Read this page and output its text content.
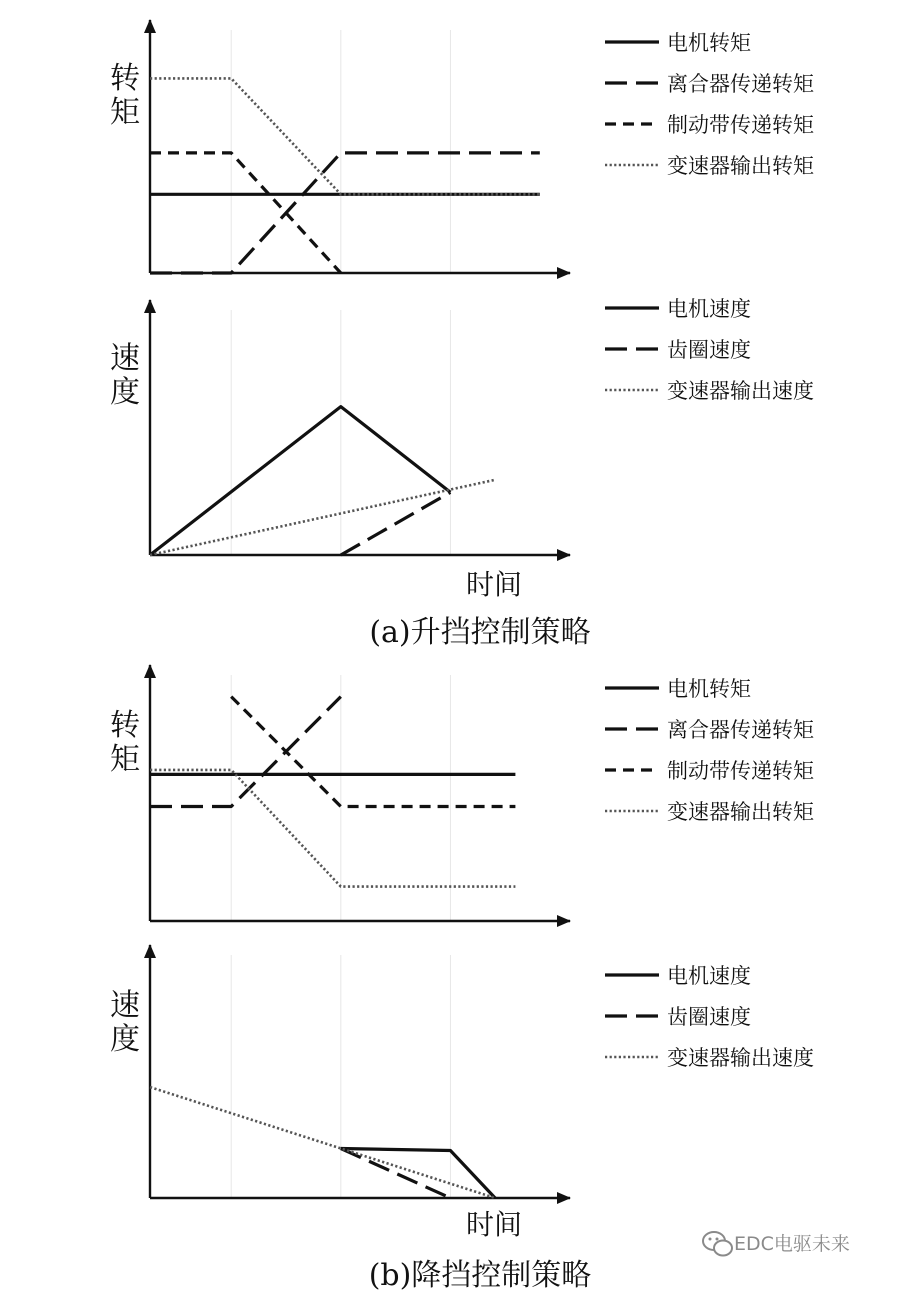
电机转矩
离合器传递转矩
制动带传递转矩
变速器输出转矩
电机速度
齿圈速度
变速器输出速度
电机转矩
离合器传递转矩
制动带传递转矩
变速器输出转矩
电机速度
齿圈速度
变速器输出速度
转矩
速度
时间
(a)升挡控制策略
转矩
速度
时间
(b)降挡控制策略
EDC电驱未来
